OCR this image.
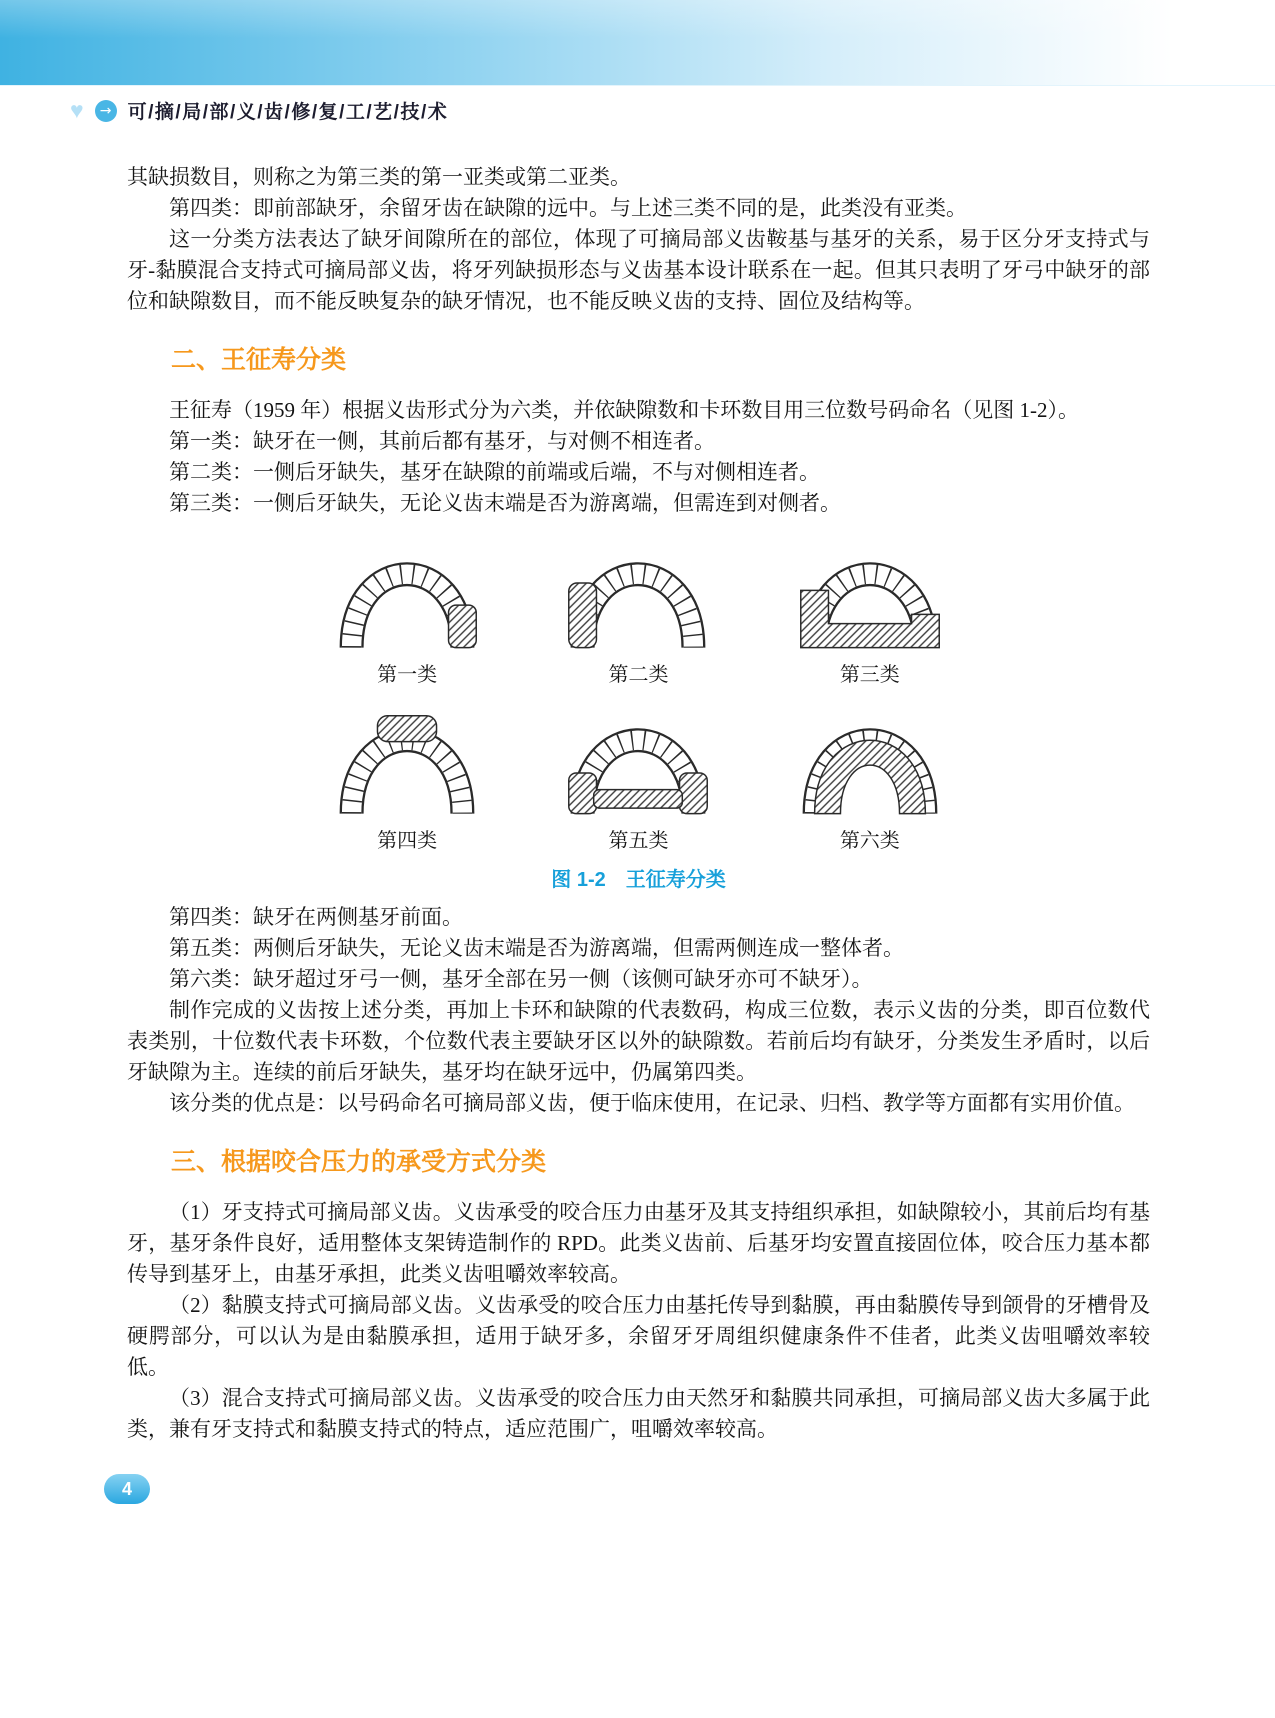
♥	→ 可/摘/局/部/义/齿/修/复/工/艺/技/术

其缺损数目，则称之为第三类的第一亚类或第二亚类。

第四类：即前部缺牙，余留牙齿在缺隙的远中。与上述三类不同的是，此类没有亚类。

这一分类方法表达了缺牙间隙所在的部位，体现了可摘局部义齿鞍基与基牙的关系，易于区分牙支持式与牙-黏膜混合支持式可摘局部义齿，将牙列缺损形态与义齿基本设计联系在一起。但其只表明了牙弓中缺牙的部位和缺隙数目，而不能反映复杂的缺牙情况，也不能反映义齿的支持、固位及结构等。

二、王征寿分类

王征寿（1959 年）根据义齿形式分为六类，并依缺隙数和卡环数目用三位数号码命名（见图 1-2）。

第一类：缺牙在一侧，其前后都有基牙，与对侧不相连者。

第二类：一侧后牙缺失，基牙在缺隙的前端或后端，不与对侧相连者。

第三类：一侧后牙缺失，无论义齿末端是否为游离端，但需连到对侧者。

第一类	第二类	第三类
第四类	第五类	第六类
图 1-2　王征寿分类

第四类：缺牙在两侧基牙前面。

第五类：两侧后牙缺失，无论义齿末端是否为游离端，但需两侧连成一整体者。

第六类：缺牙超过牙弓一侧，基牙全部在另一侧（该侧可缺牙亦可不缺牙）。

制作完成的义齿按上述分类，再加上卡环和缺隙的代表数码，构成三位数，表示义齿的分类，即百位数代表类别，十位数代表卡环数，个位数代表主要缺牙区以外的缺隙数。若前后均有缺牙，分类发生矛盾时，以后牙缺隙为主。连续的前后牙缺失，基牙均在缺牙远中，仍属第四类。

该分类的优点是：以号码命名可摘局部义齿，便于临床使用，在记录、归档、教学等方面都有实用价值。

三、根据咬合压力的承受方式分类

（1）牙支持式可摘局部义齿。义齿承受的咬合压力由基牙及其支持组织承担，如缺隙较小，其前后均有基牙，基牙条件良好，适用整体支架铸造制作的 RPD。此类义齿前、后基牙均安置直接固位体，咬合压力基本都传导到基牙上，由基牙承担，此类义齿咀嚼效率较高。

（2）黏膜支持式可摘局部义齿。义齿承受的咬合压力由基托传导到黏膜，再由黏膜传导到颌骨的牙槽骨及硬腭部分，可以认为是由黏膜承担，适用于缺牙多，余留牙牙周组织健康条件不佳者，此类义齿咀嚼效率较低。

（3）混合支持式可摘局部义齿。义齿承受的咬合压力由天然牙和黏膜共同承担，可摘局部义齿大多属于此类，兼有牙支持式和黏膜支持式的特点，适应范围广，咀嚼效率较高。

4
